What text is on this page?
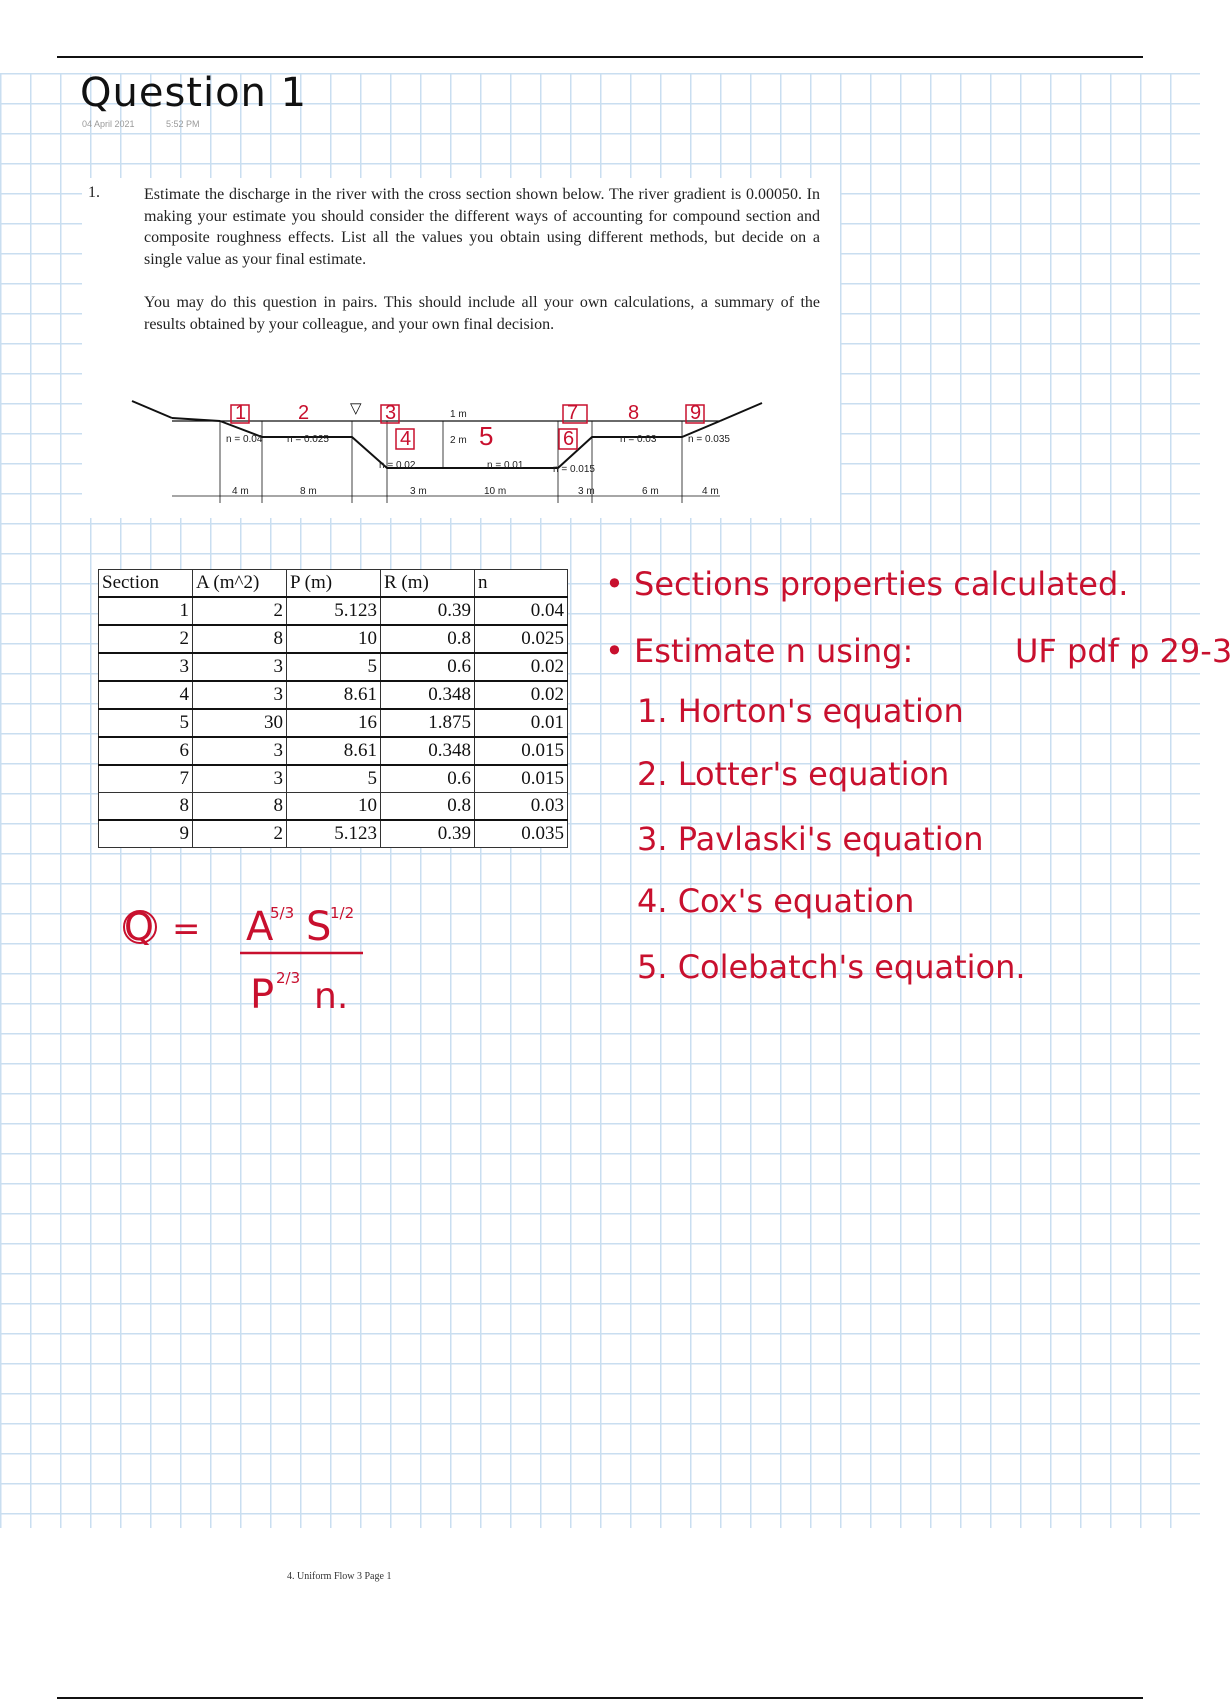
Question 1
04 April 2021	5:52 PM
1.	Estimate the discharge in the river with the cross section shown below. The river gradient is 0.00050. In making your estimate you should consider the different ways of accounting for compound section and composite roughness effects. List all the values you obtain using different methods, but decide on a single value as your final estimate.

You may do this question in pairs. This should include all your own calculations, a summary of the results obtained by your colleague, and your own final decision.

▽
1	2	3
4	5	6
7 8	9
n = 0.04 n = 0.025
n = 0.02	n = 0.01	n = 0.015
n = 0.03	n = 0.035
1 m
2 m
4 m	8 m	3 m	10 m	3 m	6 m	4 m
Section	A (m^2)	P (m)	R (m)	n
1	2	5.123	0.39	0.04
2	8	10	0.8	0.025
3	3	5	0.6	0.02
4	3	8.61	0.348	0.02
5	30	16	1.875	0.01
6	3	8.61	0.348	0.015
7	3	5	0.6	0.015
8	8	10	0.8	0.03
9	2	5.123	0.39	0.035

• Sections properties calculated.

• Estimate n using:	UF pdf p 29-3

1. Horton's equation

2. Lotter's equation

3. Pavlaski's equation

4. Cox's equation

5. Colebatch's equation.

Q = A
5/3 S
1/2
P 2/3 n.
4. Uniform Flow 3 Page 1
